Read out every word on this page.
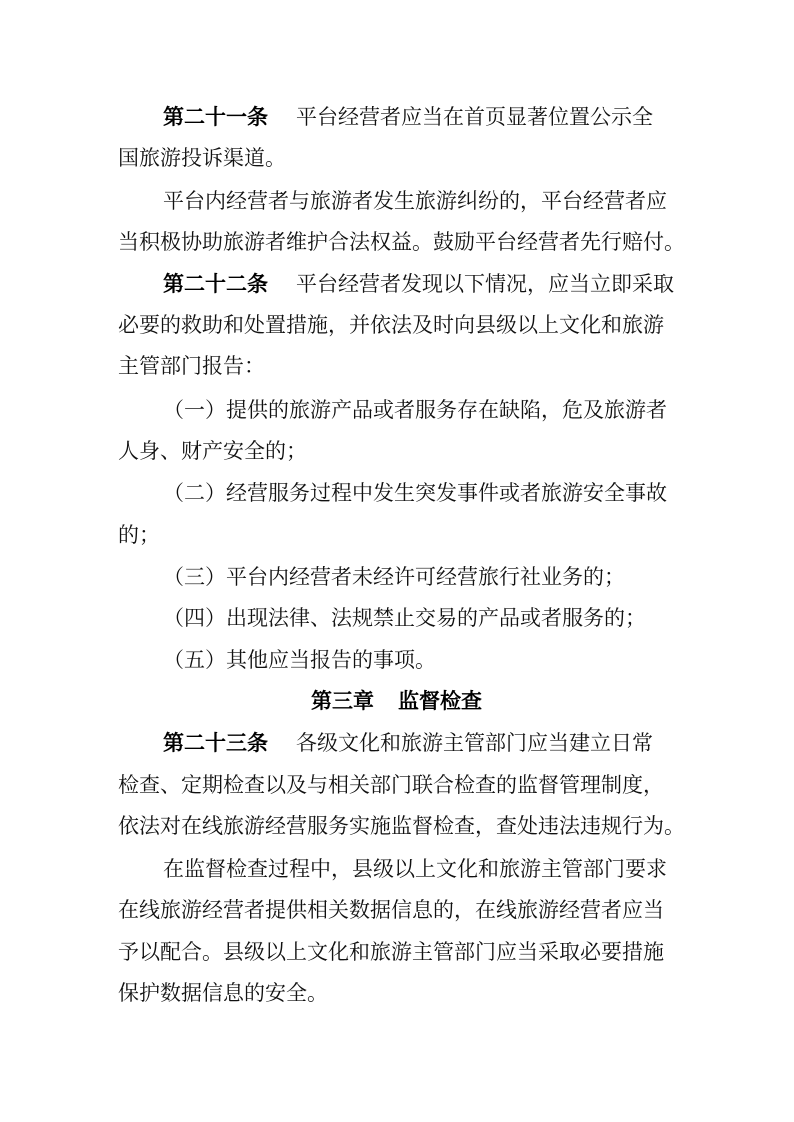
第二十一条 平台经营者应当在首页显著位置公示全
国旅游投诉渠道。
平台内经营者与旅游者发生旅游纠纷的，平台经营者应
当积极协助旅游者维护合法权益。鼓励平台经营者先行赔付。
第二十二条 平台经营者发现以下情况，应当立即采取
必要的救助和处置措施，并依法及时向县级以上文化和旅游
主管部门报告：
（一）提供的旅游产品或者服务存在缺陷，危及旅游者
人身、财产安全的；
（二）经营服务过程中发生突发事件或者旅游安全事故
的；
（三）平台内经营者未经许可经营旅行社业务的；
（四）出现法律、法规禁止交易的产品或者服务的；
（五）其他应当报告的事项。
第三章 监督检查
第二十三条 各级文化和旅游主管部门应当建立日常
检查、定期检查以及与相关部门联合检查的监督管理制度，
依法对在线旅游经营服务实施监督检查，查处违法违规行为。
在监督检查过程中，县级以上文化和旅游主管部门要求
在线旅游经营者提供相关数据信息的，在线旅游经营者应当
予以配合。县级以上文化和旅游主管部门应当采取必要措施
保护数据信息的安全。
